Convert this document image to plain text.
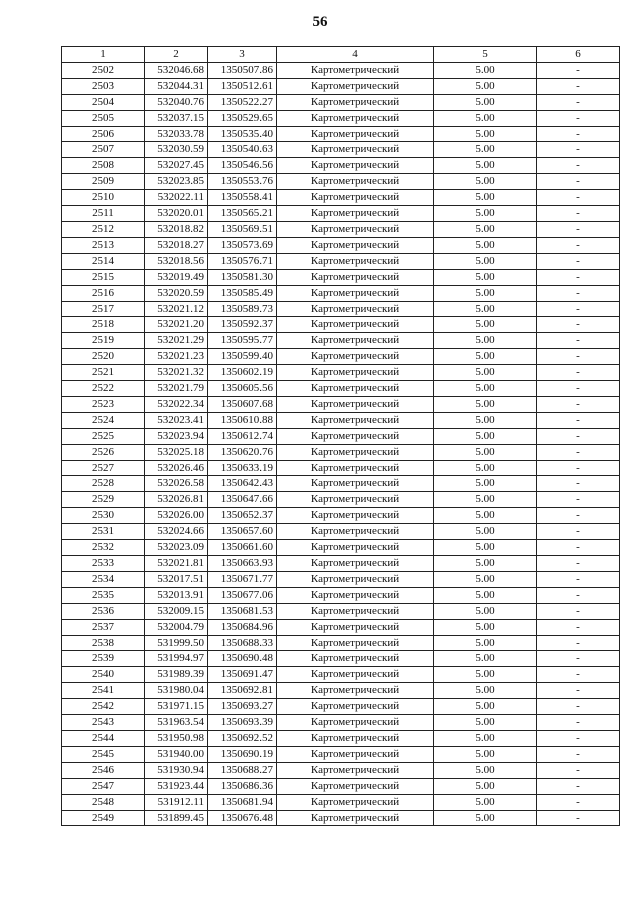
56
1	2	3	4	5	6
2502	532046.68	1350507.86	Картометрический	5.00	-
2503	532044.31	1350512.61	Картометрический	5.00	-
2504	532040.76	1350522.27	Картометрический	5.00	-
2505	532037.15	1350529.65	Картометрический	5.00	-
2506	532033.78	1350535.40	Картометрический	5.00	-
2507	532030.59	1350540.63	Картометрический	5.00	-
2508	532027.45	1350546.56	Картометрический	5.00	-
2509	532023.85	1350553.76	Картометрический	5.00	-
2510	532022.11	1350558.41	Картометрический	5.00	-
2511	532020.01	1350565.21	Картометрический	5.00	-
2512	532018.82	1350569.51	Картометрический	5.00	-
2513	532018.27	1350573.69	Картометрический	5.00	-
2514	532018.56	1350576.71	Картометрический	5.00	-
2515	532019.49	1350581.30	Картометрический	5.00	-
2516	532020.59	1350585.49	Картометрический	5.00	-
2517	532021.12	1350589.73	Картометрический	5.00	-
2518	532021.20	1350592.37	Картометрический	5.00	-
2519	532021.29	1350595.77	Картометрический	5.00	-
2520	532021.23	1350599.40	Картометрический	5.00	-
2521	532021.32	1350602.19	Картометрический	5.00	-
2522	532021.79	1350605.56	Картометрический	5.00	-
2523	532022.34	1350607.68	Картометрический	5.00	-
2524	532023.41	1350610.88	Картометрический	5.00	-
2525	532023.94	1350612.74	Картометрический	5.00	-
2526	532025.18	1350620.76	Картометрический	5.00	-
2527	532026.46	1350633.19	Картометрический	5.00	-
2528	532026.58	1350642.43	Картометрический	5.00	-
2529	532026.81	1350647.66	Картометрический	5.00	-
2530	532026.00	1350652.37	Картометрический	5.00	-
2531	532024.66	1350657.60	Картометрический	5.00	-
2532	532023.09	1350661.60	Картометрический	5.00	-
2533	532021.81	1350663.93	Картометрический	5.00	-
2534	532017.51	1350671.77	Картометрический	5.00	-
2535	532013.91	1350677.06	Картометрический	5.00	-
2536	532009.15	1350681.53	Картометрический	5.00	-
2537	532004.79	1350684.96	Картометрический	5.00	-
2538	531999.50	1350688.33	Картометрический	5.00	-
2539	531994.97	1350690.48	Картометрический	5.00	-
2540	531989.39	1350691.47	Картометрический	5.00	-
2541	531980.04	1350692.81	Картометрический	5.00	-
2542	531971.15	1350693.27	Картометрический	5.00	-
2543	531963.54	1350693.39	Картометрический	5.00	-
2544	531950.98	1350692.52	Картометрический	5.00	-
2545	531940.00	1350690.19	Картометрический	5.00	-
2546	531930.94	1350688.27	Картометрический	5.00	-
2547	531923.44	1350686.36	Картометрический	5.00	-
2548	531912.11	1350681.94	Картометрический	5.00	-
2549	531899.45	1350676.48	Картометрический	5.00	-
